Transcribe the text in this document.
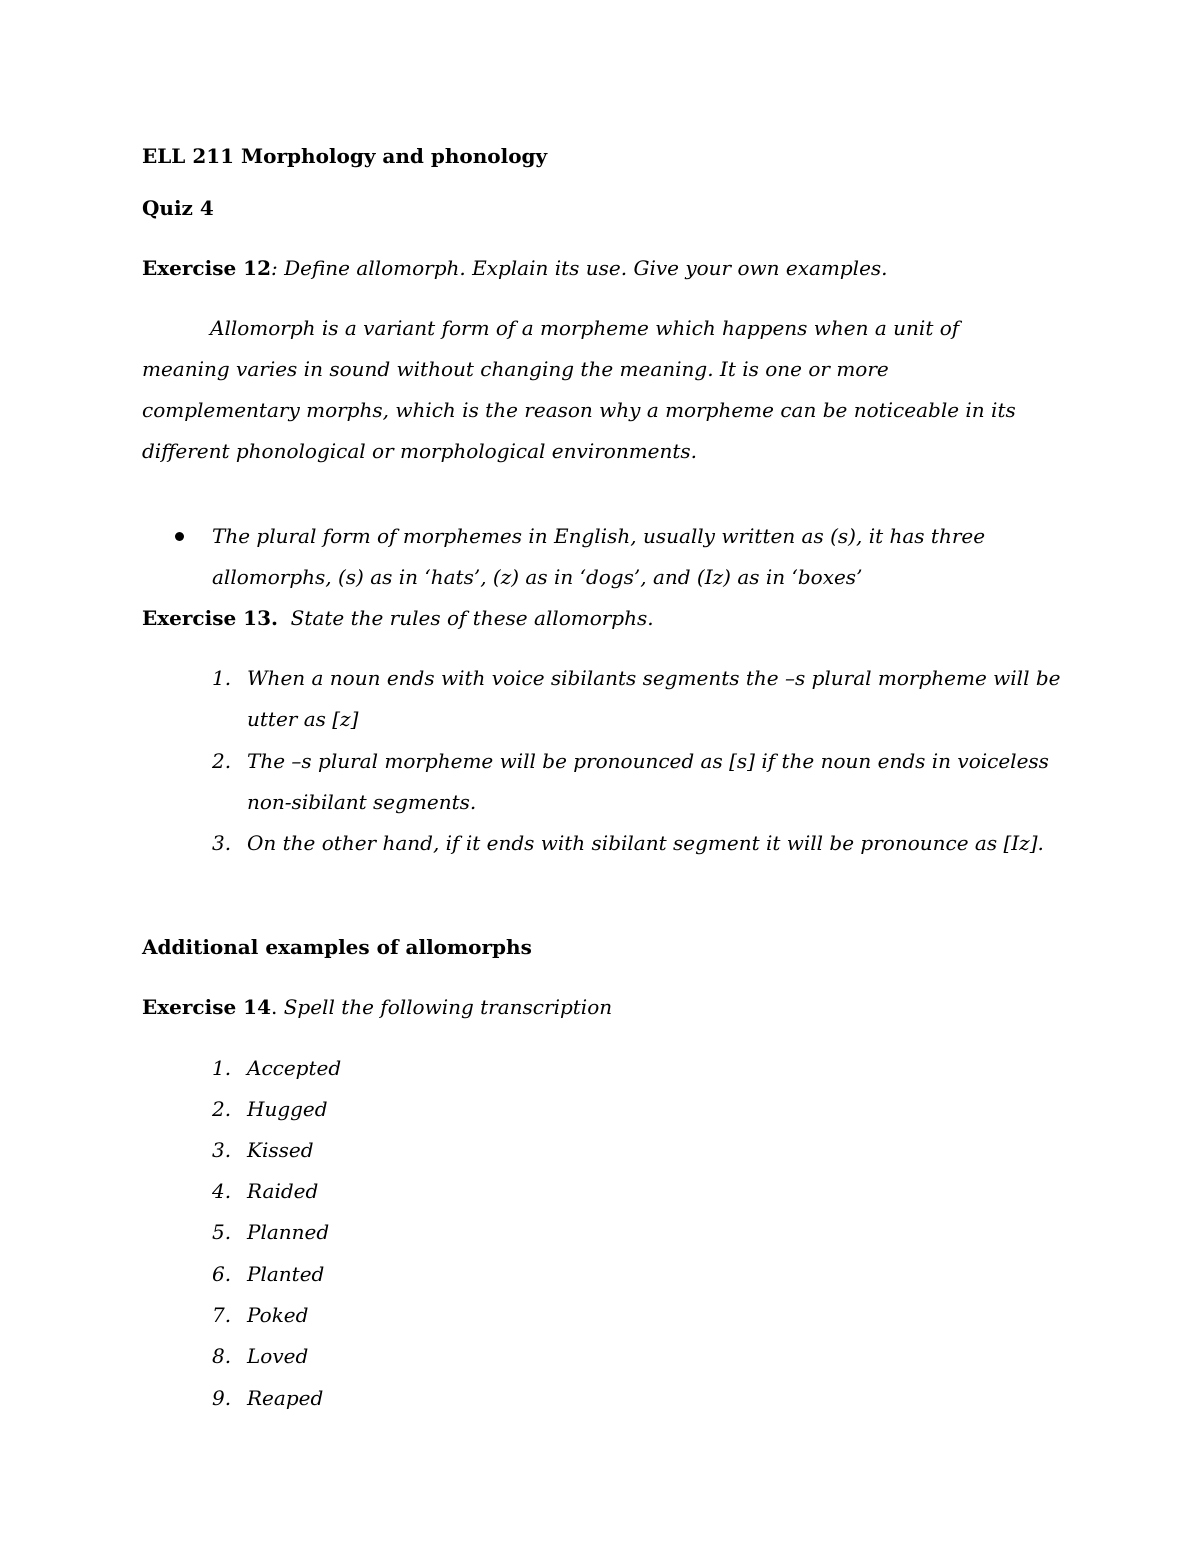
ELL 211 Morphology and phonology
Quiz 4
Exercise 12: Define allomorph. Explain its use. Give your own examples.

Allomorph is a variant form of a morpheme which happens when a unit of meaning varies in sound without changing the meaning. It is one or more complementary morphs, which is the reason why a morpheme can be noticeable in its different phonological or morphological environments.

The plural form of morphemes in English, usually written as (s), it has three allomorphs, (s) as in ‘hats’, (z) as in ‘dogs’, and (Iz) as in ‘boxes’
Exercise 13. State the rules of these allomorphs.
1. When a noun ends with voice sibilants segments the –s plural morpheme will be utter as [z]
2. The –s plural morpheme will be pronounced as [s] if the noun ends in voiceless non-sibilant segments.
3. On the other hand, if it ends with sibilant segment it will be pronounce as [Iz].
Additional examples of allomorphs
Exercise 14. Spell the following transcription
1. Accepted
2. Hugged
3. Kissed
4. Raided
5. Planned
6. Planted
7. Poked
8. Loved
9. Reaped
